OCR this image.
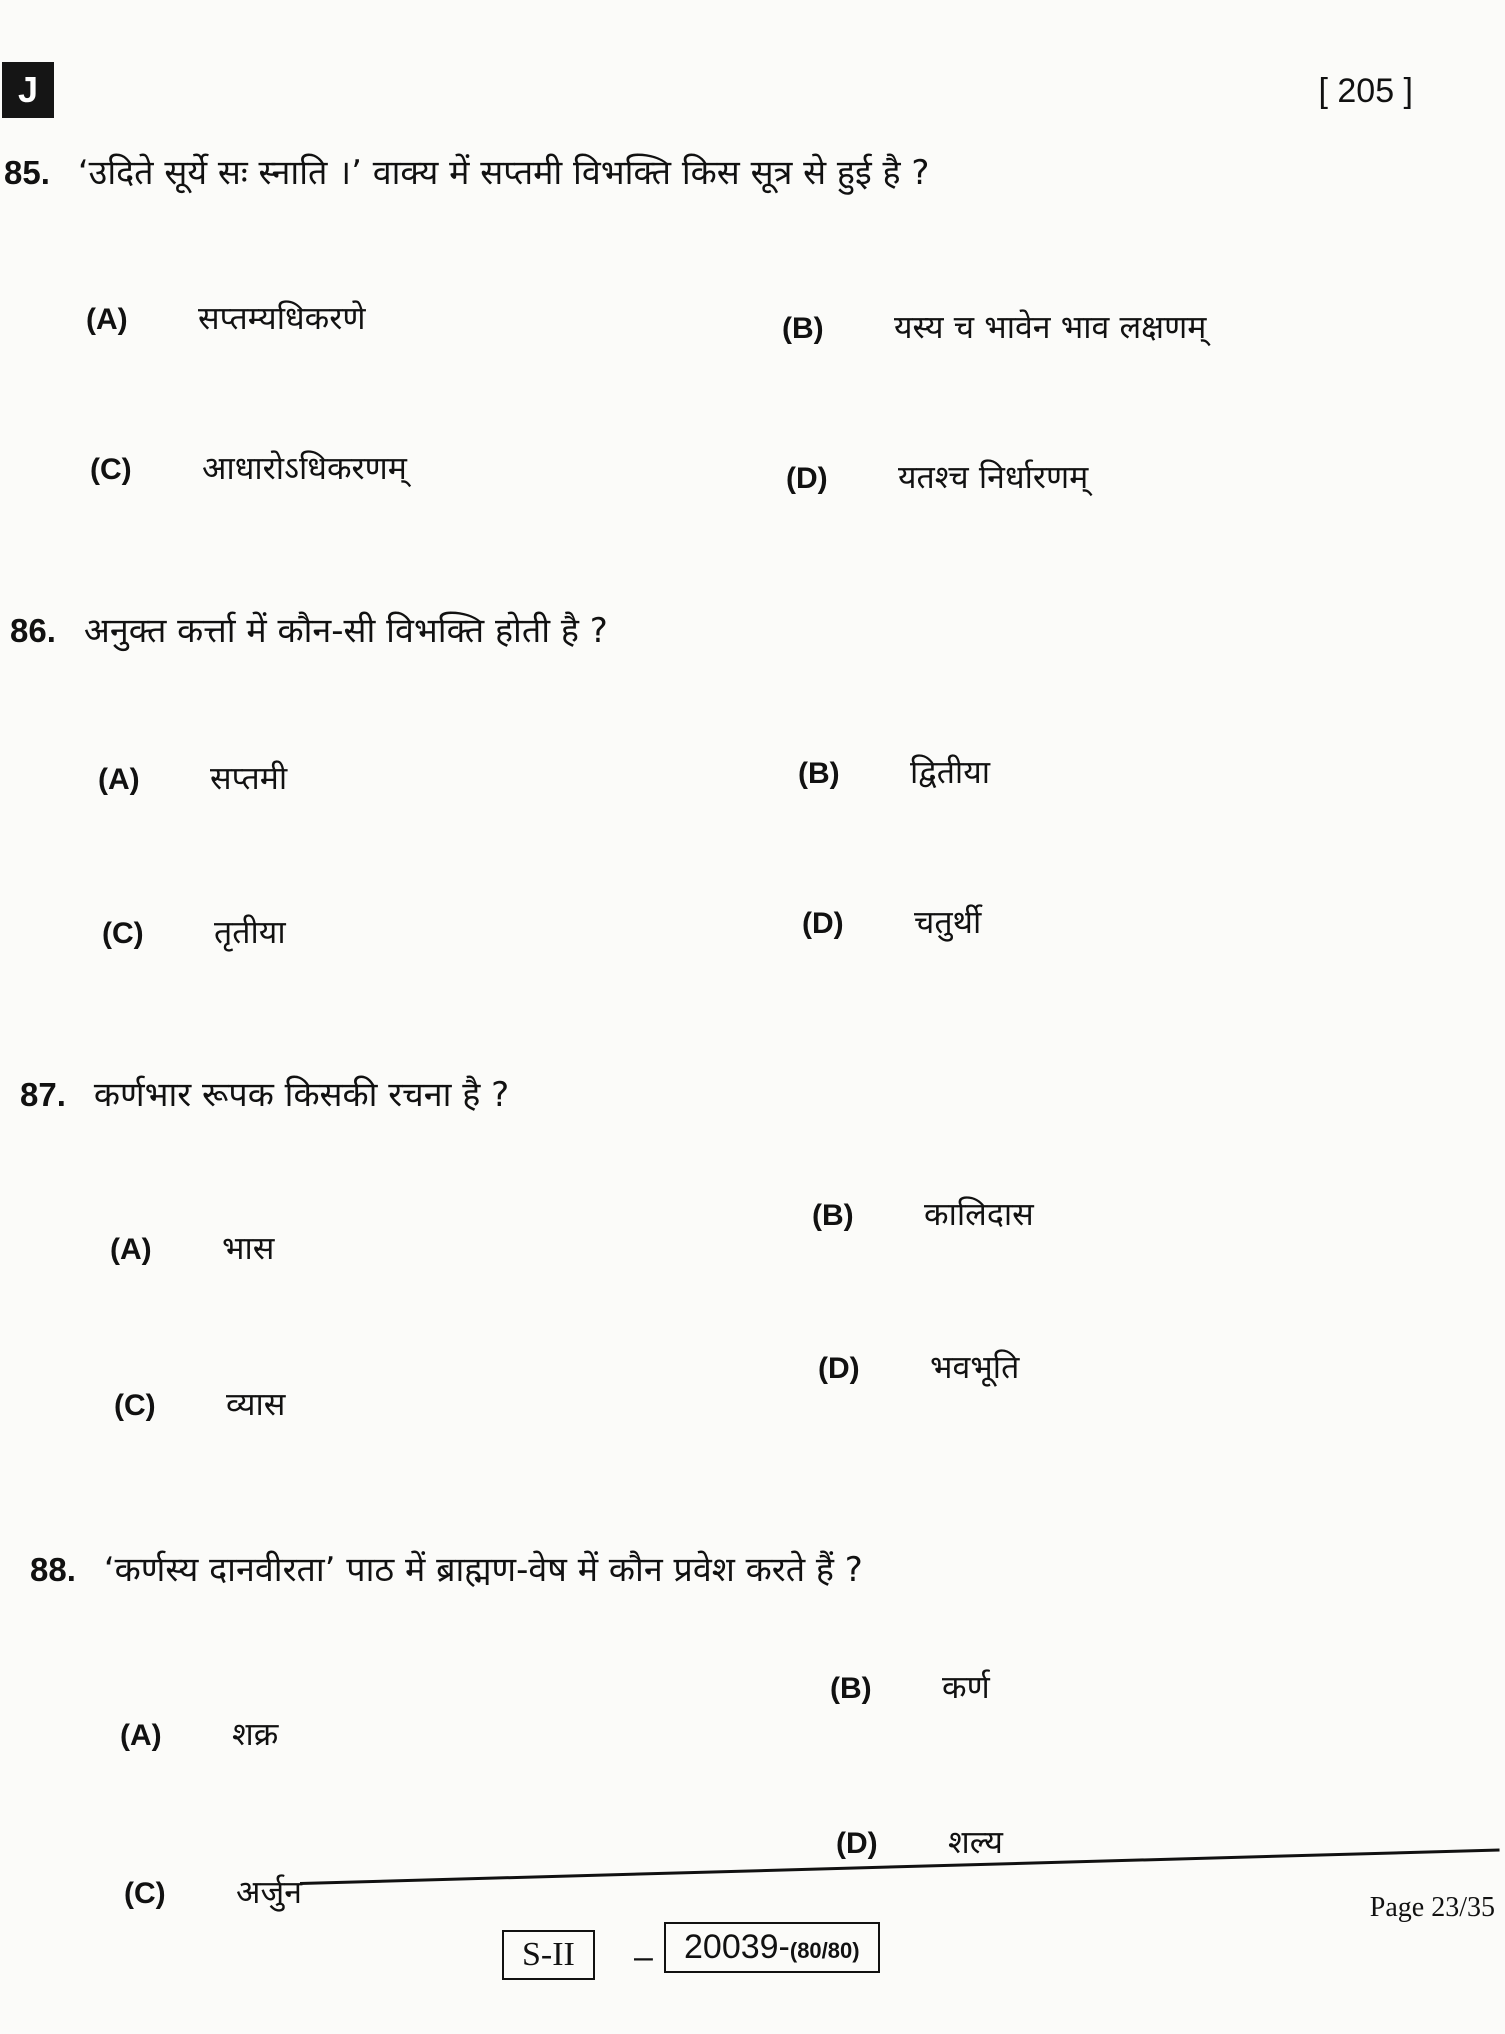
J	[ 205 ]
85. ‘उदिते सूर्ये सः स्नाति ।’ वाक्य में सप्तमी विभक्ति किस सूत्र से हुई है ?
(A) सप्तम्यधिकरणे	(B) यस्य च भावेन भाव लक्षणम्
(C) आधारोऽधिकरणम्	(D) यतश्च निर्धारणम्
86. अनुक्त कर्त्ता में कौन-सी विभक्ति होती है ?
(A) सप्तमी	(B) द्वितीया
(C) तृतीया	(D) चतुर्थी
87. कर्णभार रूपक किसकी रचना है ?
(A) भास
(B) कालिदास
(C) व्यास
(D) भवभूति
88. ‘कर्णस्य दानवीरता’ पाठ में ब्राह्मण-वेष में कौन प्रवेश करते हैं ?
(A) शक्र
(B) कर्ण
(C) अर्जुन
(D) शल्य
S-II	– 20039-(80/80)
Page 23/35
